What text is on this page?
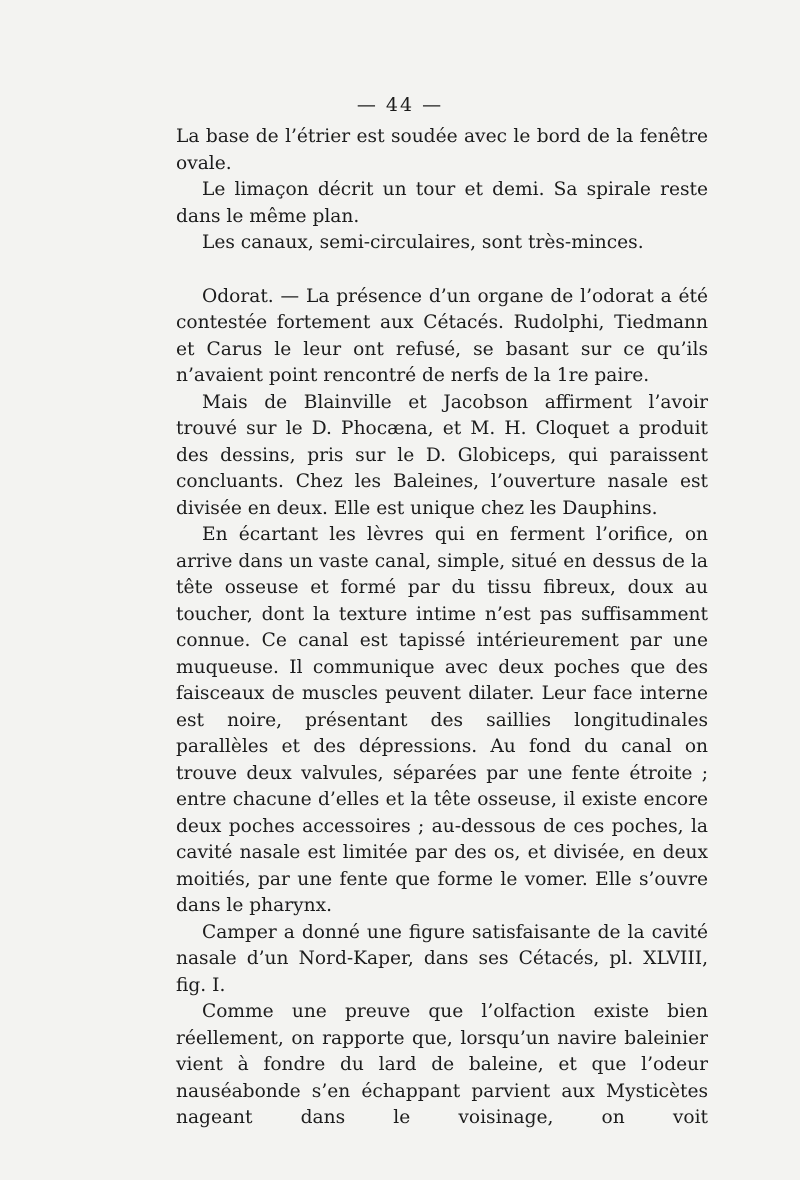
— 44 —

La base de l’étrier est soudée avec le bord de la fenêtre ovale.

Le limaçon décrit un tour et demi. Sa spirale reste dans le même plan.

Les canaux, semi-circulaires, sont très-minces.

Odorat. — La présence d’un organe de l’odorat a été contestée fortement aux Cétacés. Rudolphi, Tiedmann et Carus le leur ont refusé, se basant sur ce qu’ils n’avaient point rencontré de nerfs de la 1re paire.

Mais de Blainville et Jacobson affirment l’avoir trouvé sur le D. Phocæna, et M. H. Cloquet a produit des dessins, pris sur le D. Globiceps, qui paraissent concluants. Chez les Baleines, l’ouverture nasale est divisée en deux. Elle est unique chez les Dauphins.

En écartant les lèvres qui en ferment l’orifice, on arrive dans un vaste canal, simple, situé en dessus de la tête osseuse et formé par du tissu fibreux, doux au toucher, dont la texture intime n’est pas suffisamment connue. Ce canal est tapissé intérieurement par une muqueuse. Il communique avec deux poches que des faisceaux de muscles peuvent dilater. Leur face interne est noire, présentant des saillies longitudinales parallèles et des dépressions. Au fond du canal on trouve deux valvules, séparées par une fente étroite ; entre chacune d’elles et la tête osseuse, il existe encore deux poches accessoires ; au-dessous de ces poches, la cavité nasale est limitée par des os, et divisée, en deux moitiés, par une fente que forme le vomer. Elle s’ouvre dans le pharynx.

Camper a donné une figure satisfaisante de la cavité nasale d’un Nord-Kaper, dans ses Cétacés, pl. XLVIII, fig. I.

Comme une preuve que l’olfaction existe bien réellement, on rapporte que, lorsqu’un navire baleinier vient à fondre du lard de baleine, et que l’odeur nauséabonde s’en échappant parvient aux Mysticètes nageant dans le voisinage, on voit
